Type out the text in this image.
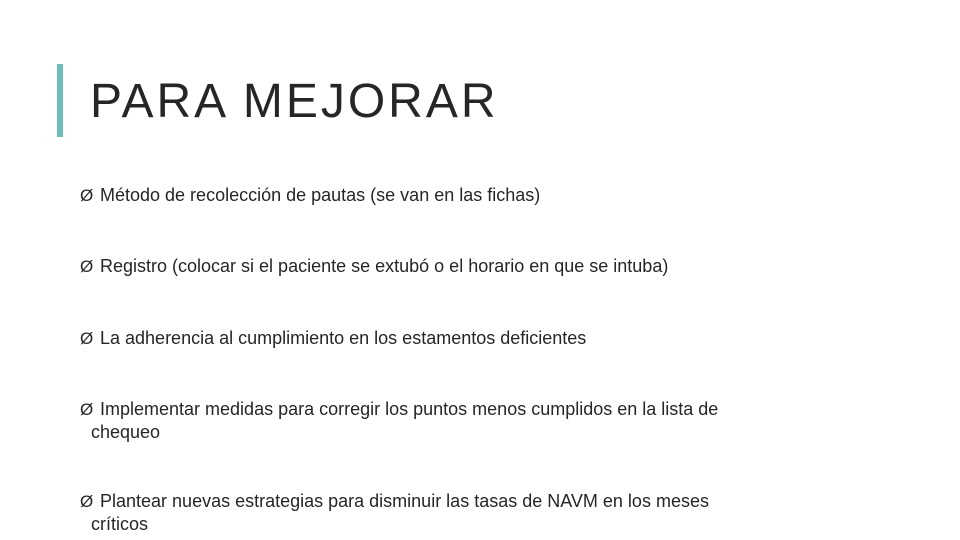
PARA MEJORAR
Ø Método de recolección de pautas (se van en las fichas)
Ø Registro (colocar si el paciente se extubó o el horario en que se intuba)
Ø La adherencia al cumplimiento en los estamentos deficientes
Ø Implementar medidas para corregir los puntos menos cumplidos en la lista de
chequeo
Ø Plantear nuevas estrategias para disminuir las tasas de NAVM en los meses
críticos
